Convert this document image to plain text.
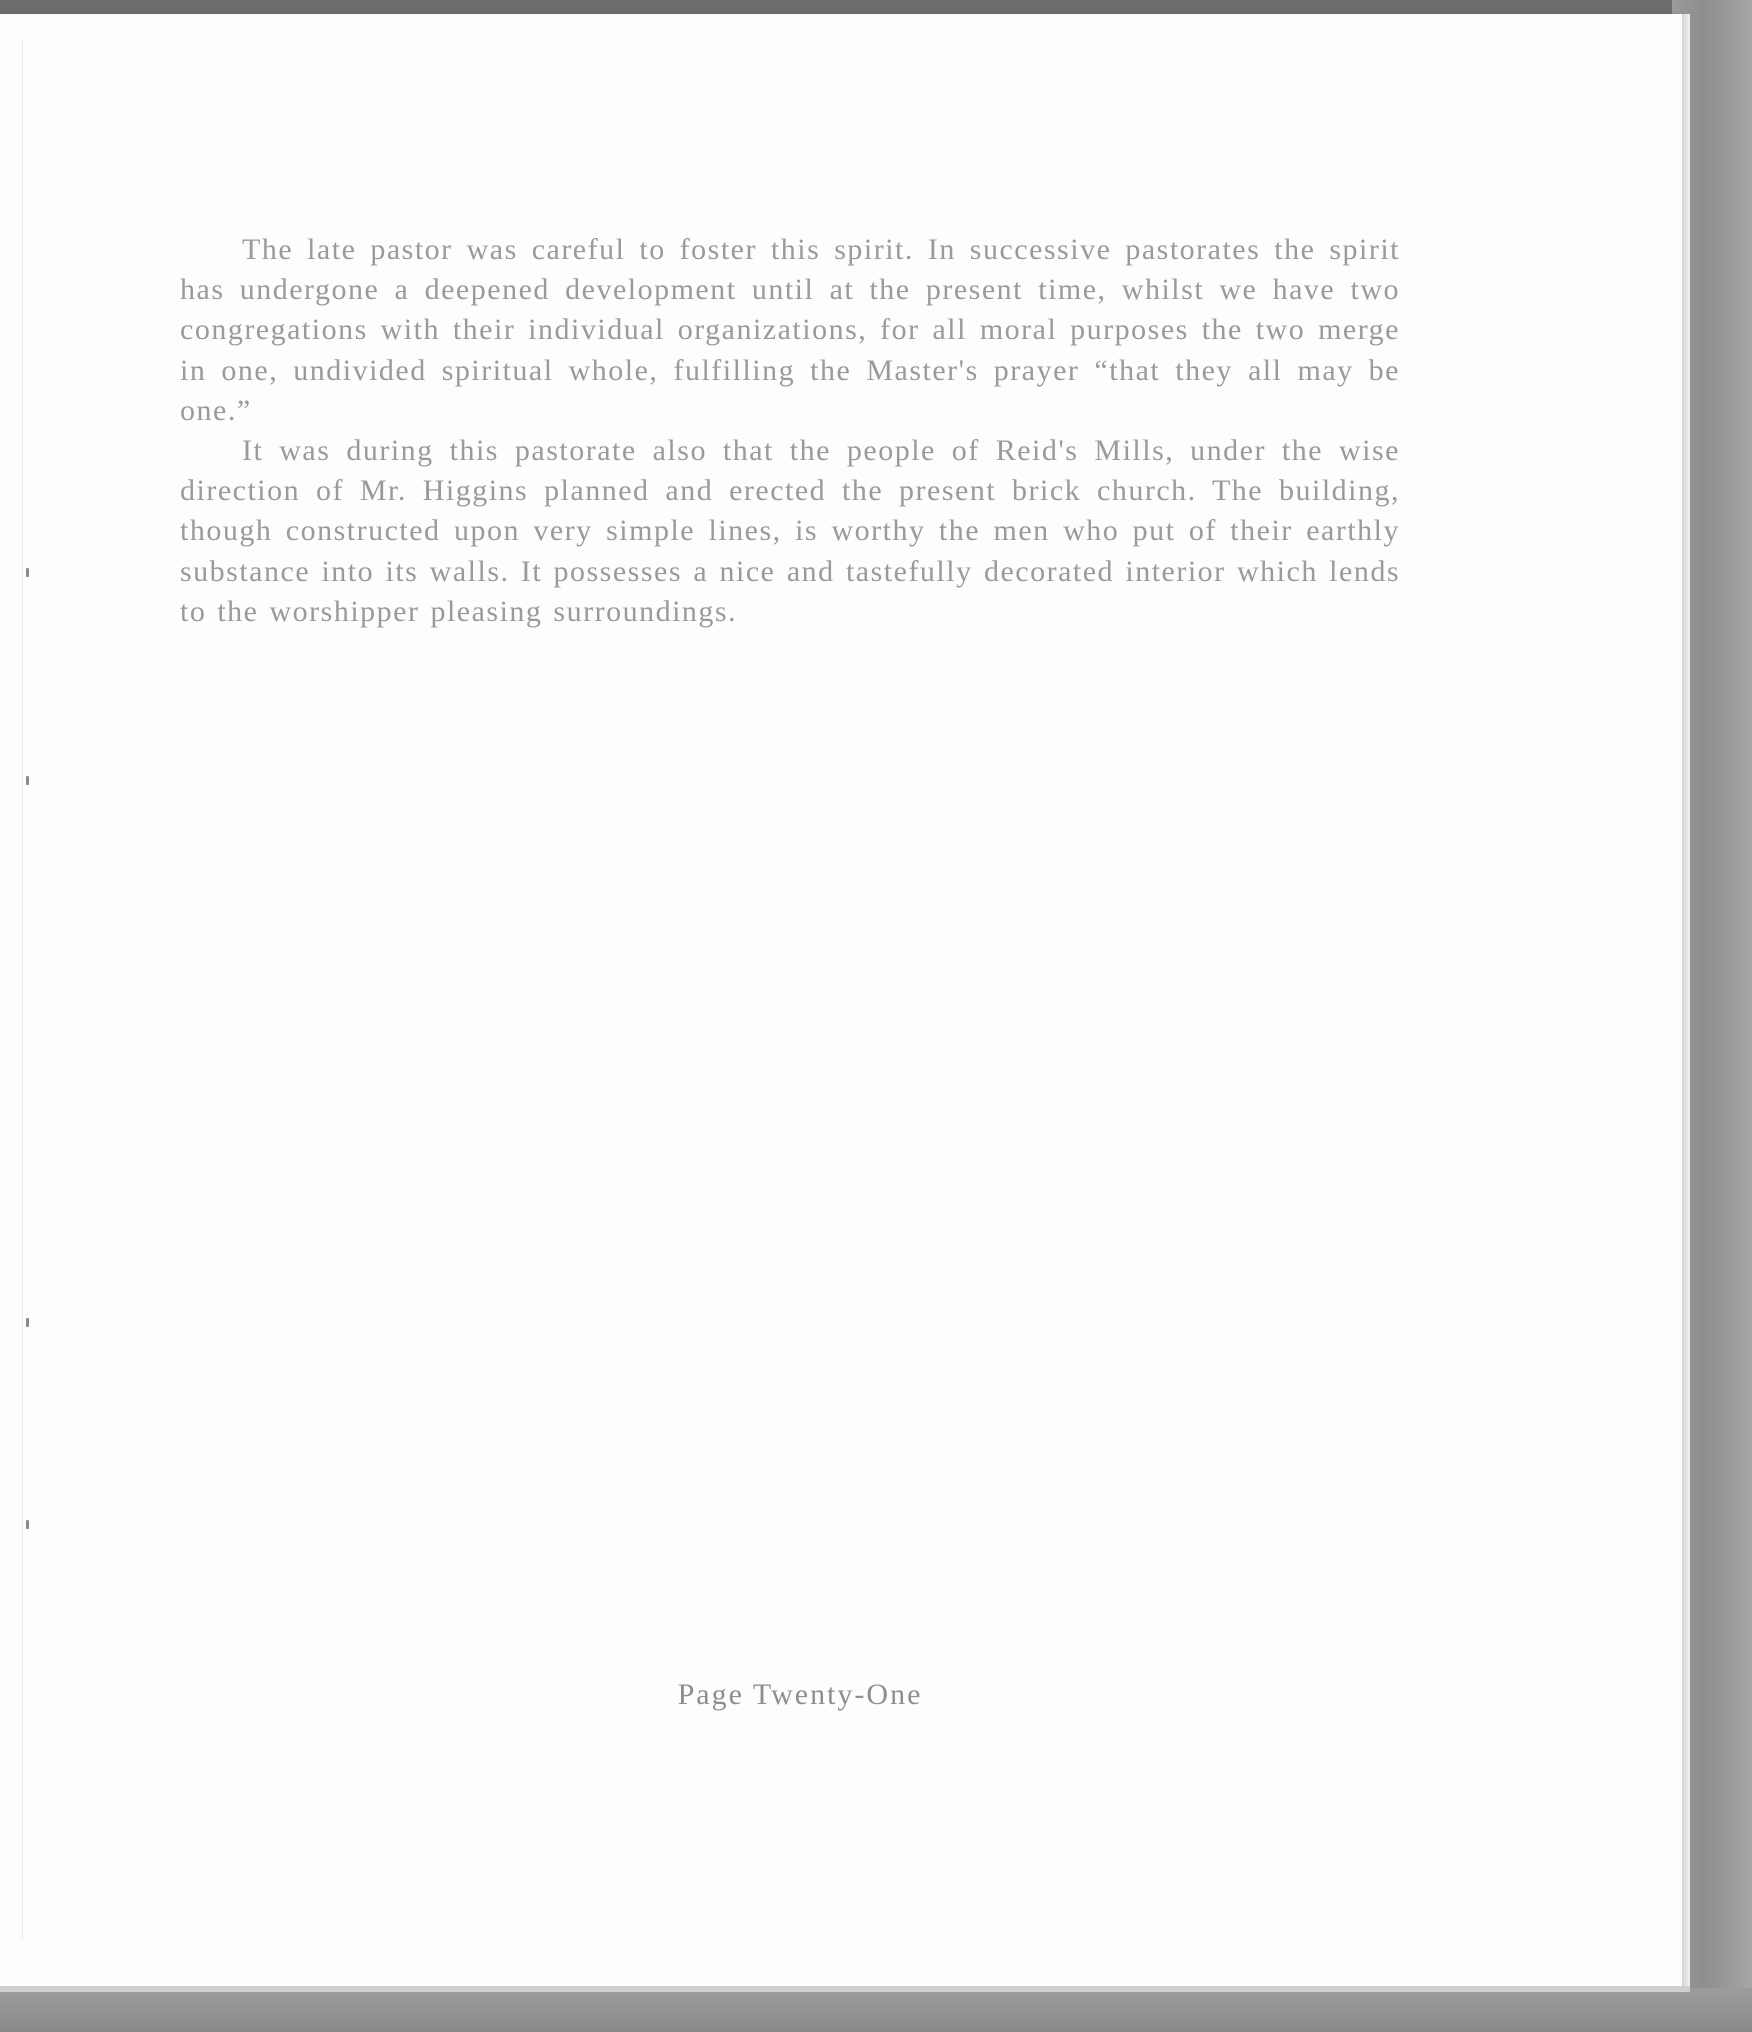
The late pastor was careful to foster this spirit. In successive pastorates the spirit has undergone a deepened development until at the present time, whilst we have two congregations with their individual organizations, for all moral purposes the two merge in one, undivided spiritual whole, fulfilling the Master's prayer “that they all may be one.”

It was during this pastorate also that the people of Reid's Mills, under the wise direction of Mr. Higgins planned and erected the present brick church. The building, though constructed upon very simple lines, is worthy the men who put of their earthly substance into its walls. It possesses a nice and tastefully decorated interior which lends to the worshipper pleasing surroundings.

Page Twenty-One
